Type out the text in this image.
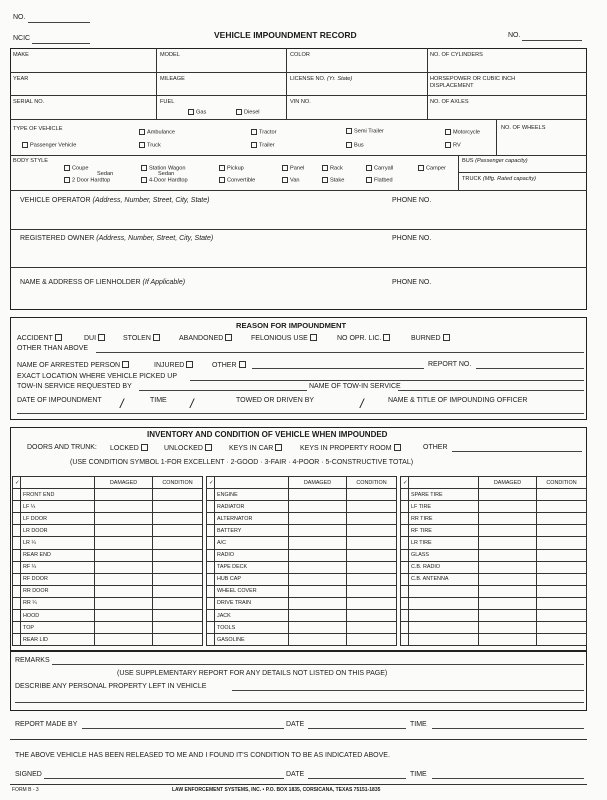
NO.
NCIC	VEHICLE IMPOUNDMENT RECORD	NO.
MAKE	MODEL	COLOR	NO. OF CYLINDERS
YEAR	MILEAGE	LICENSE NO. (Yr. State)	HORSEPOWER OR CUBIC INCH DISPLACEMENT
SERIAL NO.	FUEL
Gas	Diesel
VIN NO.	NO. OF AXLES
TYPE OF VEHICLE
Passenger Vehicle
Ambulance
Truck
Tractor
Trailer
Semi Trailer
Bus
Motorcycle
RV
NO. OF WHEELS
BODY STYLE
Coupe
Sedan
2 Door Hardtop
Station Wagon
Sedan
4-Door Hardtop
Pickup
Convertible
Panel
Van
Rack
Stake
Carryall
Flatbed
Camper
BUS (Passenger capacity)
TRUCK (Mfg. Rated capacity)
VEHICLE OPERATOR (Address, Number, Street, City, State)	PHONE NO.
REGISTERED OWNER (Address, Number, Street, City, State)	PHONE NO.
NAME & ADDRESS OF LIENHOLDER (If Applicable)	PHONE NO.
REASON FOR IMPOUNDMENT
ACCIDENT	DUI	STOLEN	ABANDONED	FELONIOUS USE	NO OPR. LIC.	BURNED
OTHER THAN ABOVE
NAME OF ARRESTED PERSON	INJURED	OTHER	REPORT NO.
EXACT LOCATION WHERE VEHICLE PICKED UP
TOW-IN SERVICE REQUESTED BY	NAME OF TOW-IN SERVICE
DATE OF IMPOUNDMENT /	TIME /	TOWED OR DRIVEN BY	/	NAME & TITLE OF IMPOUNDING OFFICER
INVENTORY AND CONDITION OF VEHICLE WHEN IMPOUNDED
DOORS AND TRUNK: LOCKED	UNLOCKED	KEYS IN CAR	KEYS IN PROPERTY ROOM	OTHER
(USE CONDITION SYMBOL 1-FOR EXCELLENT · 2-GOOD · 3-FAIR · 4-POOR · 5-CONSTRUCTIVE TOTAL)
✓		DAMAGED	CONDITION
	FRONT END		
	LF ¼		
	LF DOOR		
	LR DOOR		
	LR ¼		
	REAR END		
	RF ¼		
	RF DOOR		
	RR DOOR		
	RR ¼		
	HOOD		
	TOP		
	REAR LID		
✓		DAMAGED	CONDITION
	ENGINE		
	RADIATOR		
	ALTERNATOR		
	BATTERY		
	A/C		
	RADIO		
	TAPE DECK		
	HUB CAP		
	WHEEL COVER		
	DRIVE TRAIN		
	JACK		
	TOOLS		
	GASOLINE		
✓		DAMAGED	CONDITION
	SPARE TIRE		
	LF TIRE		
	RR TIRE		
	RF TIRE		
	LR TIRE		
	GLASS		
	C.B. RADIO		
	C.B. ANTENNA		

REMARKS
(USE SUPPLEMENTARY REPORT FOR ANY DETAILS NOT LISTED ON THIS PAGE)
DESCRIBE ANY PERSONAL PROPERTY LEFT IN VEHICLE
REPORT MADE BY	DATE	TIME
THE ABOVE VEHICLE HAS BEEN RELEASED TO ME AND I FOUND IT'S CONDITION TO BE AS INDICATED ABOVE.
SIGNED	DATE	TIME
FORM B - 3	LAW ENFORCEMENT SYSTEMS, INC. • P.O. BOX 1835, CORSICANA, TEXAS 75151-1835
